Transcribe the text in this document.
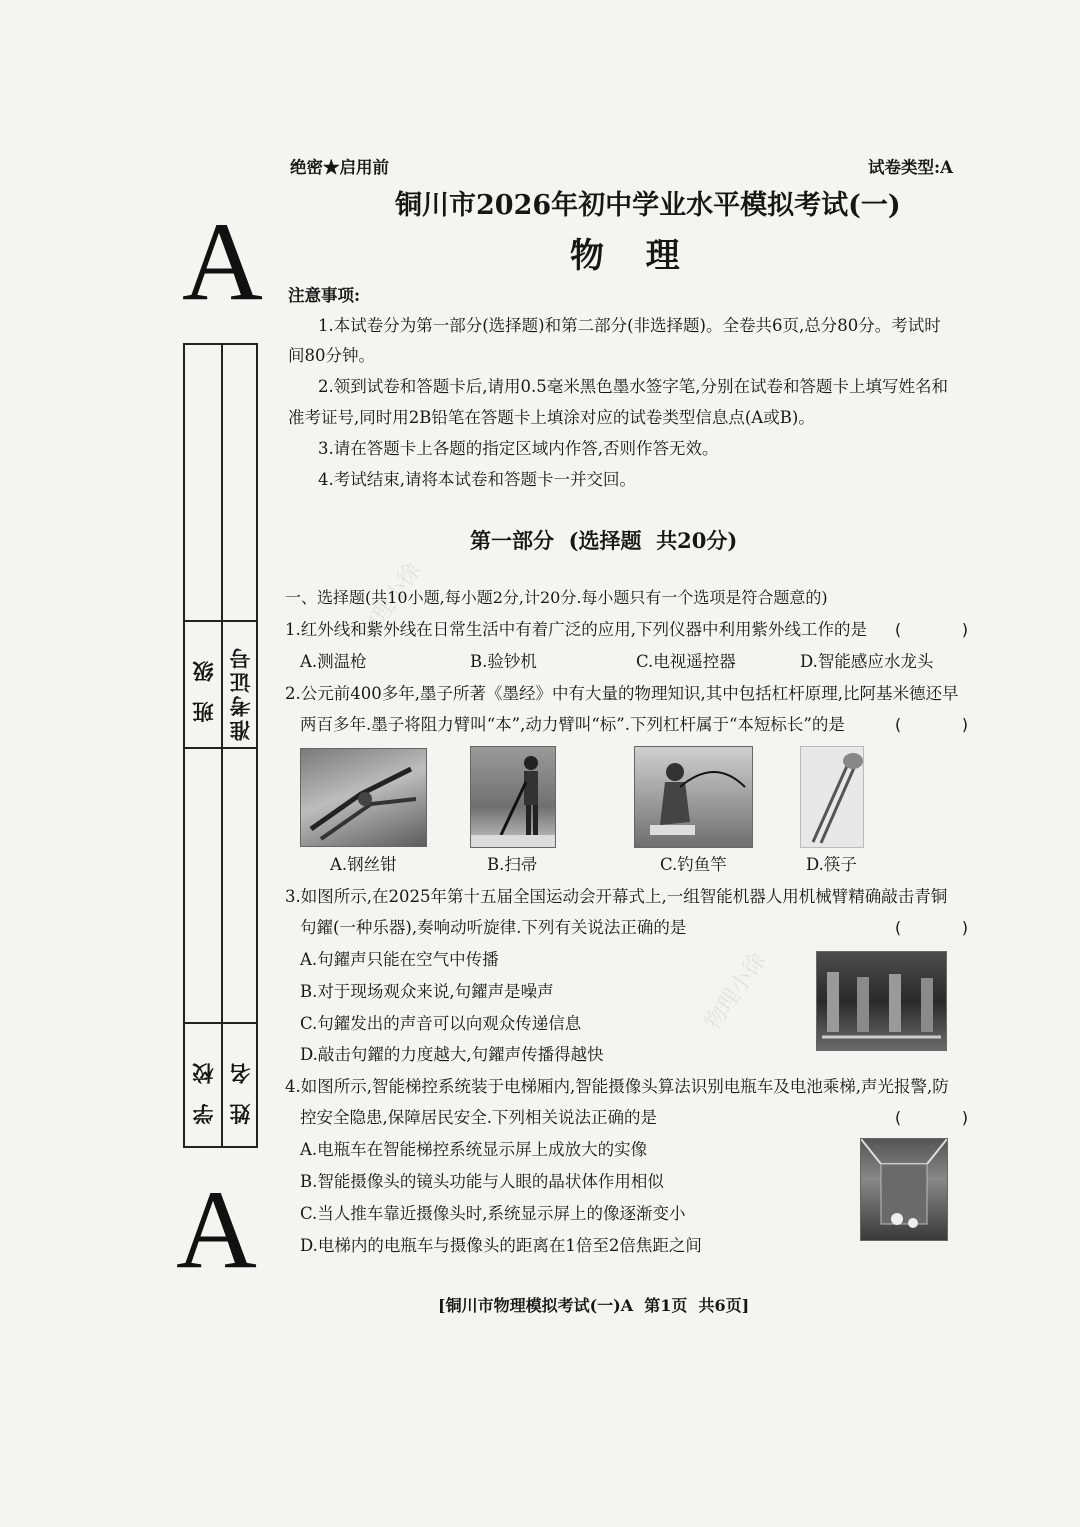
物理小徐
物理小徐
绝密★启用前	试卷类型:A
铜川市2026年初中学业水平模拟考试(一)
物  理
A
A
班 级 准考证号
学 校 姓 名
注意事项:
1.本试卷分为第一部分(选择题)和第二部分(非选择题)。全卷共6页,总分80分。考试时
间80分钟。
2.领到试卷和答题卡后,请用0.5毫米黑色墨水签字笔,分别在试卷和答题卡上填写姓名和
准考证号,同时用2B铅笔在答题卡上填涂对应的试卷类型信息点(A或B)。
3.请在答题卡上各题的指定区域内作答,否则作答无效。
4.考试结束,请将本试卷和答题卡一并交回。
第一部分  (选择题  共20分)
一、选择题(共10小题,每小题2分,计20分.每小题只有一个选项是符合题意的)
1.红外线和紫外线在日常生活中有着广泛的应用,下列仪器中利用紫外线工作的是 (      )
A.测温枪	B.验钞机	C.电视遥控器	D.智能感应水龙头
2.公元前400多年,墨子所著《墨经》中有大量的物理知识,其中包括杠杆原理,比阿基米德还早
两百多年.墨子将阻力臂叫“本”,动力臂叫“标”.下列杠杆属于“本短标长”的是	(      )
A.钢丝钳	B.扫帚	C.钓鱼竿	D.筷子
3.如图所示,在2025年第十五届全国运动会开幕式上,一组智能机器人用机械臂精确敲击青铜
句鑃(一种乐器),奏响动听旋律.下列有关说法正确的是	(      )
A.句鑃声只能在空气中传播
B.对于现场观众来说,句鑃声是噪声
C.句鑃发出的声音可以向观众传递信息
D.敲击句鑃的力度越大,句鑃声传播得越快
4.如图所示,智能梯控系统装于电梯厢内,智能摄像头算法识别电瓶车及电池乘梯,声光报警,防
控安全隐患,保障居民安全.下列相关说法正确的是	(      )
A.电瓶车在智能梯控系统显示屏上成放大的实像
B.智能摄像头的镜头功能与人眼的晶状体作用相似
C.当人推车靠近摄像头时,系统显示屏上的像逐渐变小
D.电梯内的电瓶车与摄像头的距离在1倍至2倍焦距之间
[铜川市物理模拟考试(一)A  第1页  共6页]
